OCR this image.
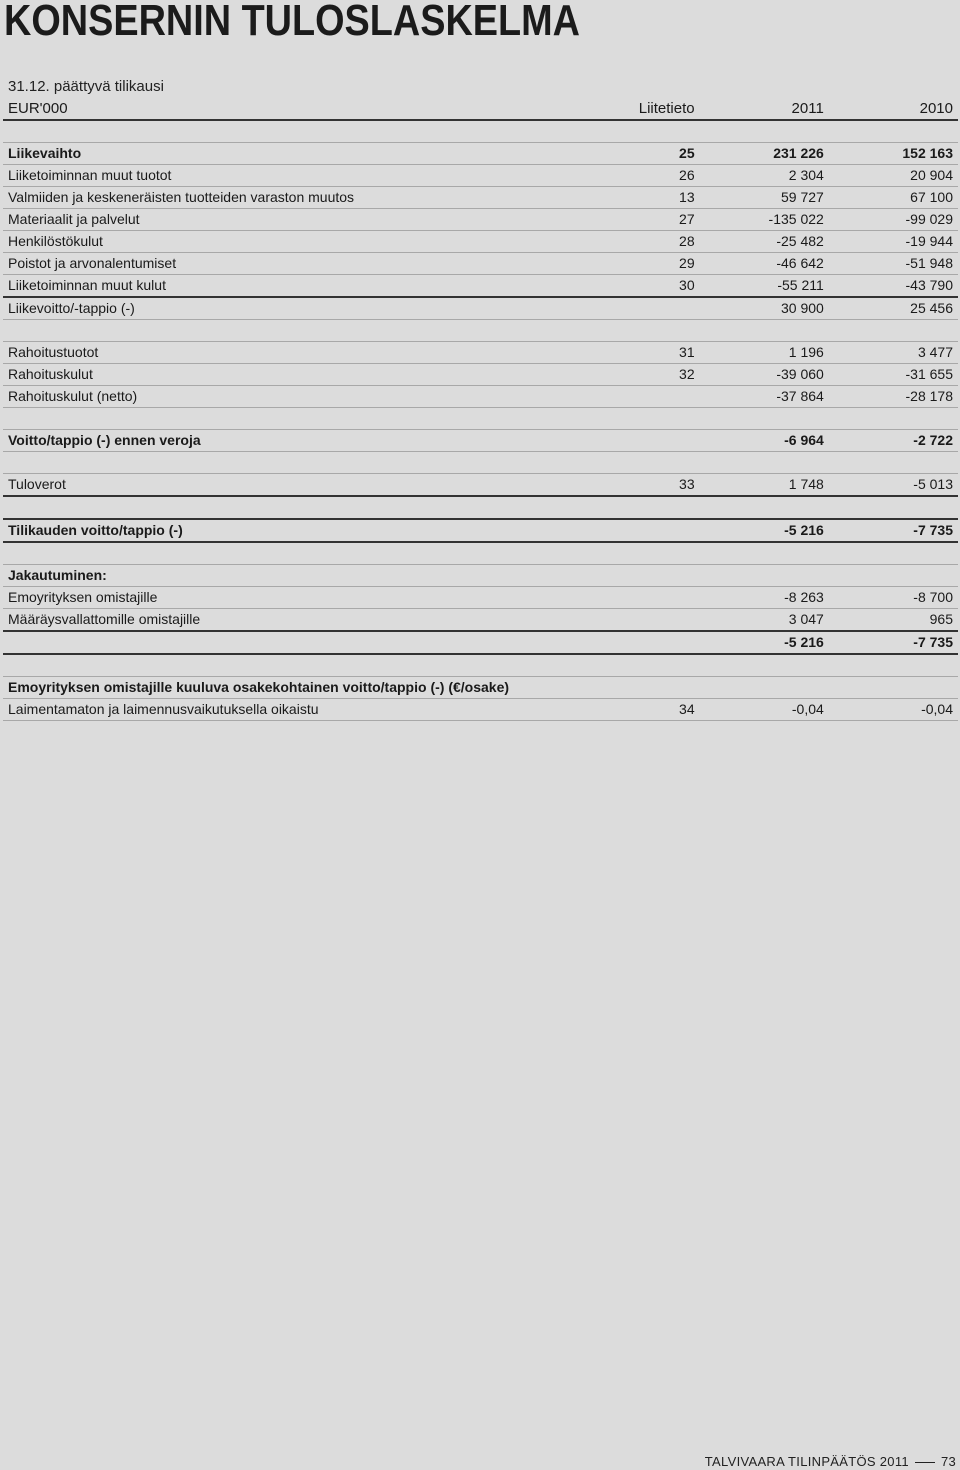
KONSERNIN TULOSLASKELMA
31.12. päättyvä tilikausi
EUR'000	Liitetieto	2011	2010

Liikevaihto	25	231 226	152 163
Liiketoiminnan muut tuotot	26	2 304	20 904
Valmiiden ja keskeneräisten tuotteiden varaston muutos	13	59 727	67 100
Materiaalit ja palvelut	27	-135 022	-99 029
Henkilöstökulut	28	-25 482	-19 944
Poistot ja arvonalentumiset	29	-46 642	-51 948
Liiketoiminnan muut kulut	30	-55 211	-43 790
Liikevoitto/-tappio (-)		30 900	25 456

Rahoitustuotot	31	1 196	3 477
Rahoituskulut	32	-39 060	-31 655
Rahoituskulut (netto)		-37 864	-28 178

Voitto/tappio (-) ennen veroja		-6 964	-2 722

Tuloverot	33	1 748	-5 013

Tilikauden voitto/tappio (-)		-5 216	-7 735

Jakautuminen:			
Emoyrityksen omistajille		-8 263	-8 700
Määräysvallattomille omistajille		3 047	965
		-5 216	-7 735

Emoyrityksen omistajille kuuluva osakekohtainen voitto/tappio (-) (€/osake)			
Laimentamaton ja laimennusvaikutuksella oikaistu	34	-0,04	-0,04
TALVIVAARA TILINPÄÄTÖS 2011 73
